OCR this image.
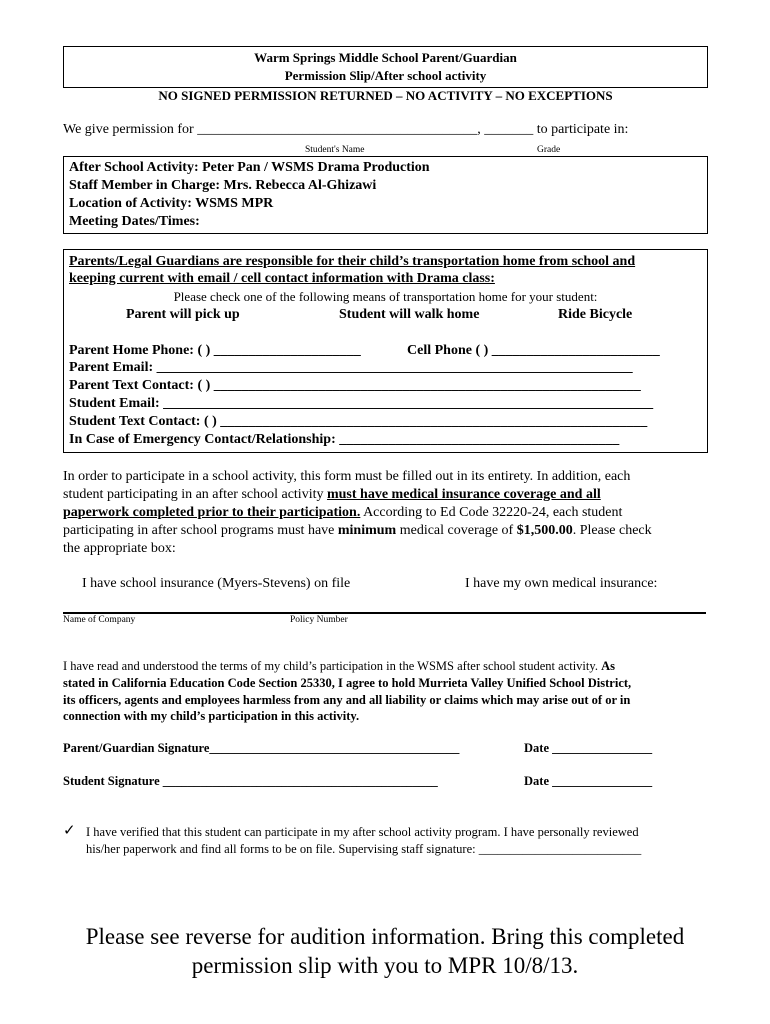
Warm Springs Middle School Parent/Guardian
Permission Slip/After school activity
NO SIGNED PERMISSION RETURNED – NO ACTIVITY – NO EXCEPTIONS
We give permission for ________________________________________, _______ to participate in:
Student's Name	Grade
After School Activity: Peter Pan / WSMS Drama Production
Staff Member in Charge: Mrs. Rebecca Al-Ghizawi
Location of Activity: WSMS MPR
Meeting Dates/Times:
Parents/Legal Guardians are responsible for their child’s transportation home from school and
keeping current with email / cell contact information with Drama class:
Please check one of the following means of transportation home for your student:
Parent will pick up	Student will walk home	Ride Bicycle
Parent Home Phone: ( ) _____________________	Cell Phone ( ) ________________________
Parent Email: ____________________________________________________________________
Parent Text Contact: ( ) _____________________________________________________________
Student Email: ______________________________________________________________________
Student Text Contact: ( ) _____________________________________________________________
In Case of Emergency Contact/Relationship: ________________________________________
In order to participate in a school activity, this form must be filled out in its entirety. In addition, each
student participating in an after school activity must have medical insurance coverage and all
paperwork completed prior to their participation. According to Ed Code 32220-24, each student
participating in after school programs must have minimum medical coverage of $1,500.00. Please check
the appropriate box:
I have school insurance (Myers-Stevens) on file	I have my own medical insurance:
Name of Company	Policy Number
I have read and understood the terms of my child’s participation in the WSMS after school student activity. As
stated in California Education Code Section 25330, I agree to hold Murrieta Valley Unified School District,
its officers, agents and employees harmless from any and all liability or claims which may arise out of or in
connection with my child’s participation in this activity.
Parent/Guardian Signature________________________________________	Date ________________
Student Signature ____________________________________________	Date ________________
✓ I have verified that this student can participate in my after school activity program. I have personally reviewed
his/her paperwork and find all forms to be on file. Supervising staff signature: __________________________
Please see reverse for audition information. Bring this completed
permission slip with you to MPR 10/8/13.
